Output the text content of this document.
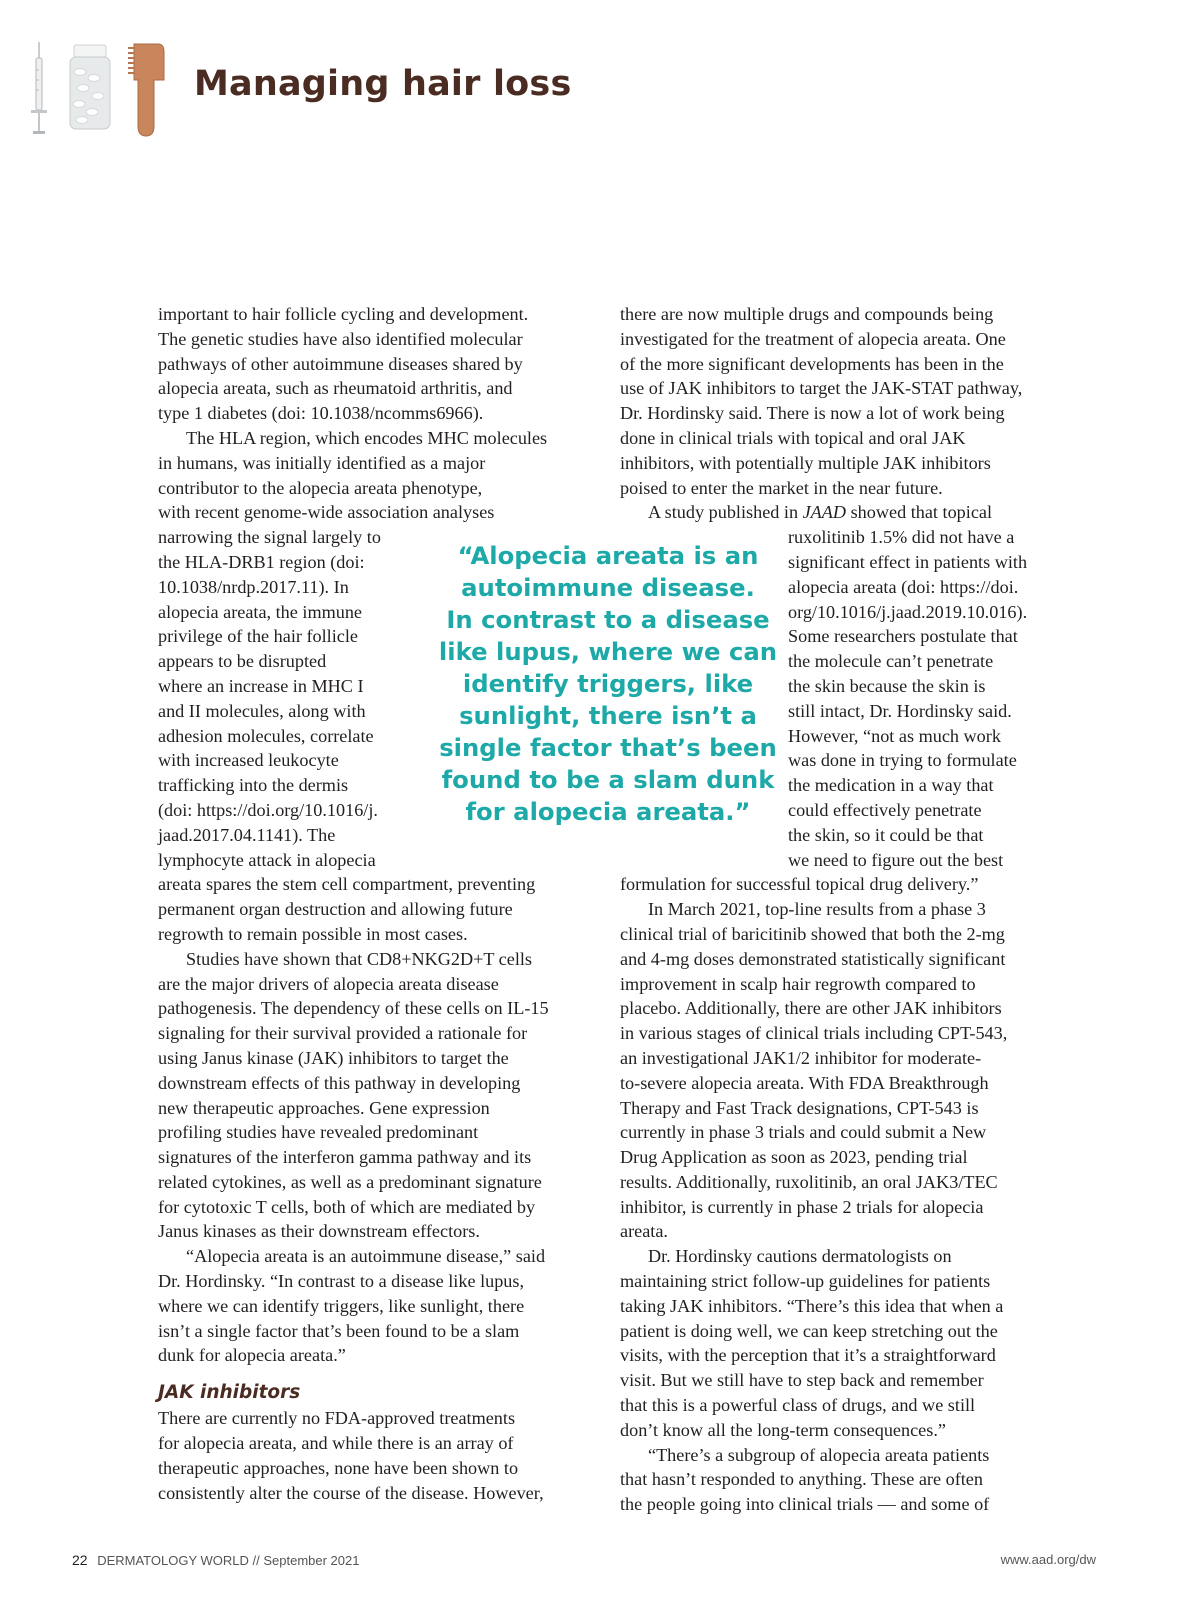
Managing hair loss
important to hair follicle cycling and development.
The genetic studies have also identified molecular
pathways of other autoimmune diseases shared by
alopecia areata, such as rheumatoid arthritis, and
type 1 diabetes (doi: 10.1038/ncomms6966).
The HLA region, which encodes MHC molecules
in humans, was initially identified as a major
contributor to the alopecia areata phenotype,
with recent genome-wide association analyses
narrowing the signal largely to
the HLA-DRB1 region (doi:
10.1038/nrdp.2017.11). In
alopecia areata, the immune
privilege of the hair follicle
appears to be disrupted
where an increase in MHC I
and II molecules, along with
adhesion molecules, correlate
with increased leukocyte
trafficking into the dermis
(doi: https://doi.org/10.1016/j.
jaad.2017.04.1141). The
lymphocyte attack in alopecia
areata spares the stem cell compartment, preventing
permanent organ destruction and allowing future
regrowth to remain possible in most cases.
Studies have shown that CD8+NKG2D+T cells
are the major drivers of alopecia areata disease
pathogenesis. The dependency of these cells on IL-15
signaling for their survival provided a rationale for
using Janus kinase (JAK) inhibitors to target the
downstream effects of this pathway in developing
new therapeutic approaches. Gene expression
profiling studies have revealed predominant
signatures of the interferon gamma pathway and its
related cytokines, as well as a predominant signature
for cytotoxic T cells, both of which are mediated by
Janus kinases as their downstream effectors.
“Alopecia areata is an autoimmune disease,” said
Dr. Hordinsky. “In contrast to a disease like lupus,
where we can identify triggers, like sunlight, there
isn’t a single factor that’s been found to be a slam
dunk for alopecia areata.”
JAK inhibitors
There are currently no FDA-approved treatments
for alopecia areata, and while there is an array of
therapeutic approaches, none have been shown to
consistently alter the course of the disease. However,
“Alopecia areata is an
autoimmune disease.
In contrast to a disease
like lupus, where we can
identify triggers, like
sunlight, there isn’t a
single factor that’s been
found to be a slam dunk
for alopecia areata.”
there are now multiple drugs and compounds being
investigated for the treatment of alopecia areata. One
of the more significant developments has been in the
use of JAK inhibitors to target the JAK-STAT pathway,
Dr. Hordinsky said. There is now a lot of work being
done in clinical trials with topical and oral JAK
inhibitors, with potentially multiple JAK inhibitors
poised to enter the market in the near future.
A study published in JAAD showed that topical
ruxolitinib 1.5% did not have a
significant effect in patients with
alopecia areata (doi: https://doi.
org/10.1016/j.jaad.2019.10.016).
Some researchers postulate that
the molecule can’t penetrate
the skin because the skin is
still intact, Dr. Hordinsky said.
However, “not as much work
was done in trying to formulate
the medication in a way that
could effectively penetrate
the skin, so it could be that
we need to figure out the best
formulation for successful topical drug delivery.”
In March 2021, top-line results from a phase 3
clinical trial of baricitinib showed that both the 2-mg
and 4-mg doses demonstrated statistically significant
improvement in scalp hair regrowth compared to
placebo. Additionally, there are other JAK inhibitors
in various stages of clinical trials including CPT-543,
an investigational JAK1/2 inhibitor for moderate-
to-severe alopecia areata. With FDA Breakthrough
Therapy and Fast Track designations, CPT-543 is
currently in phase 3 trials and could submit a New
Drug Application as soon as 2023, pending trial
results. Additionally, ruxolitinib, an oral JAK3/TEC
inhibitor, is currently in phase 2 trials for alopecia
areata.
Dr. Hordinsky cautions dermatologists on
maintaining strict follow-up guidelines for patients
taking JAK inhibitors. “There’s this idea that when a
patient is doing well, we can keep stretching out the
visits, with the perception that it’s a straightforward
visit. But we still have to step back and remember
that this is a powerful class of drugs, and we still
don’t know all the long-term consequences.”
“There’s a subgroup of alopecia areata patients
that hasn’t responded to anything. These are often
the people going into clinical trials — and some of
22 DERMATOLOGY WORLD // September 2021	www.aad.org/dw
